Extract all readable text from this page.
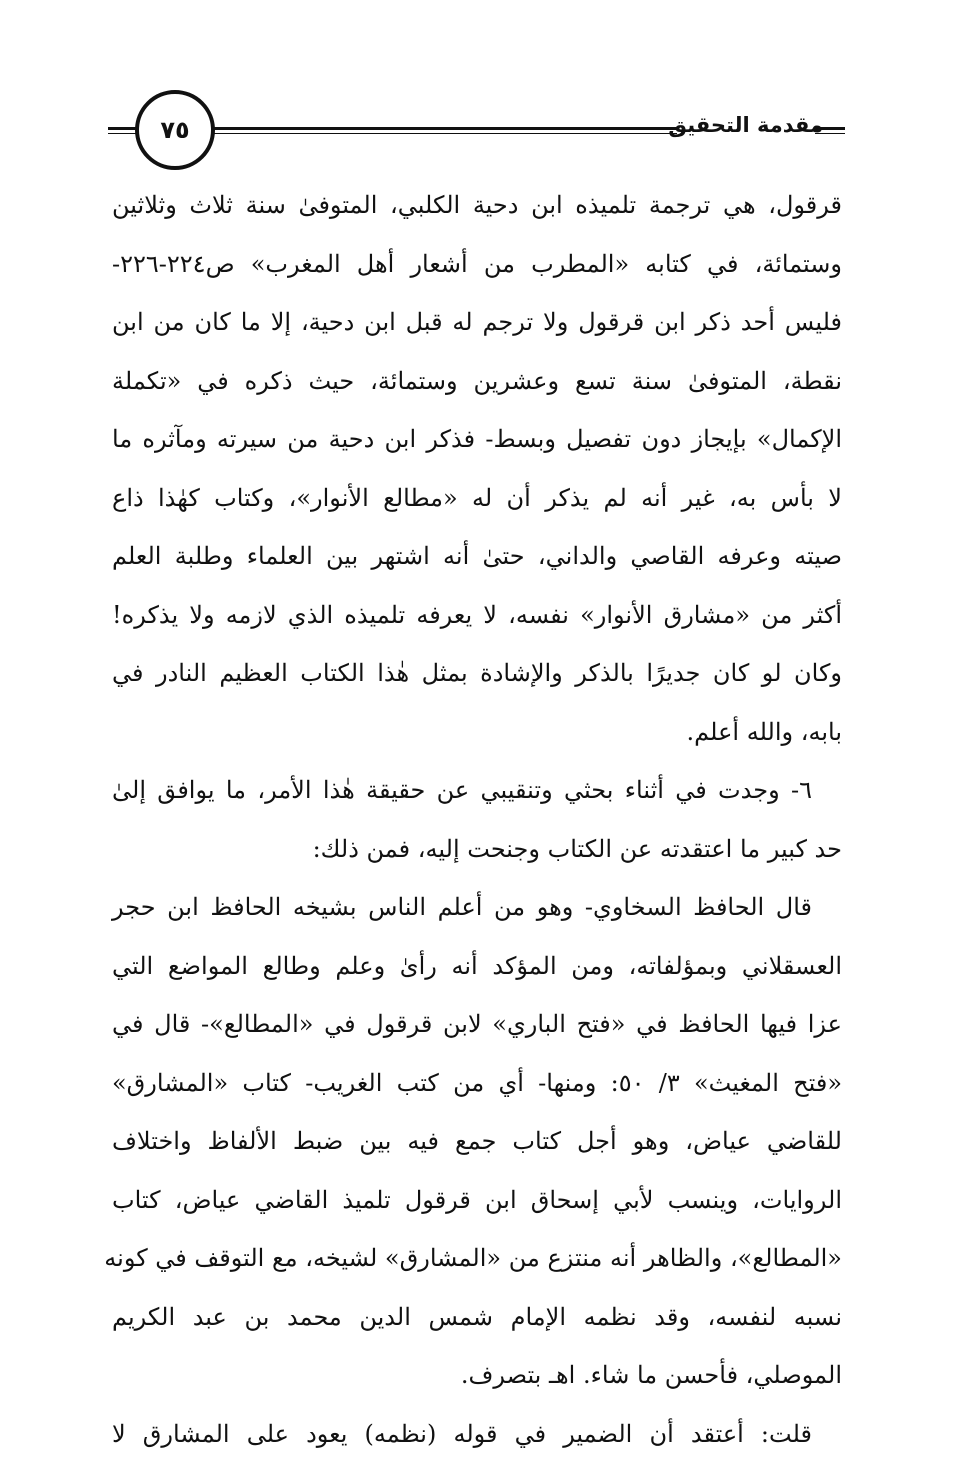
مقدمة التحقيق
٧٥
قرقول، هي ترجمة تلميذه ابن دحية الكلبي، المتوفىٰ سنة ثلاث وثلاثين
وستمائة، في كتابه «المطرب من أشعار أهل المغرب» ص٢٢٤-٢٢٦-
فليس أحد ذكر ابن قرقول ولا ترجم له قبل ابن دحية، إلا ما كان من ابن
نقطة، المتوفىٰ سنة تسع وعشرين وستمائة، حيث ذكره في «تكملة
الإكمال» بإيجاز دون تفصيل وبسط- فذكر ابن دحية من سيرته ومآثره ما
لا بأس به، غير أنه لم يذكر أن له «مطالع الأنوار»، وكتاب كهٰذا ذاع
صيته وعرفه القاصي والداني، حتىٰ أنه اشتهر بين العلماء وطلبة العلم
أكثر من «مشارق الأنوار» نفسه، لا يعرفه تلميذه الذي لازمه ولا يذكره!
وكان لو كان جديرًا بالذكر والإشادة بمثل هٰذا الكتاب العظيم النادر في
بابه، والله أعلم.
٦- وجدت في أثناء بحثي وتنقيبي عن حقيقة هٰذا الأمر، ما يوافق إلىٰ
حد كبير ما اعتقدته عن الكتاب وجنحت إليه، فمن ذلك:
قال الحافظ السخاوي- وهو من أعلم الناس بشيخه الحافظ ابن حجر
العسقلاني وبمؤلفاته، ومن المؤكد أنه رأىٰ وعلم وطالع المواضع التي
عزا فيها الحافظ في «فتح الباري» لابن قرقول في «المطالع»- قال في
«فتح المغيث» ٣/ ٥٠: ومنها- أي من كتب الغريب- كتاب «المشارق»
للقاضي عياض، وهو أجل كتاب جمع فيه بين ضبط الألفاظ واختلاف
الروايات، وينسب لأبي إسحاق ابن قرقول تلميذ القاضي عياض، كتاب
«المطالع»، والظاهر أنه منتزع من «المشارق» لشيخه، مع التوقف في كونه
نسبه لنفسه، وقد نظمه الإمام شمس الدين محمد بن عبد الكريم
الموصلي، فأحسن ما شاء. اهـ بتصرف.
قلت: أعتقد أن الضمير في قوله (نظمه) يعود على المشارق لا
